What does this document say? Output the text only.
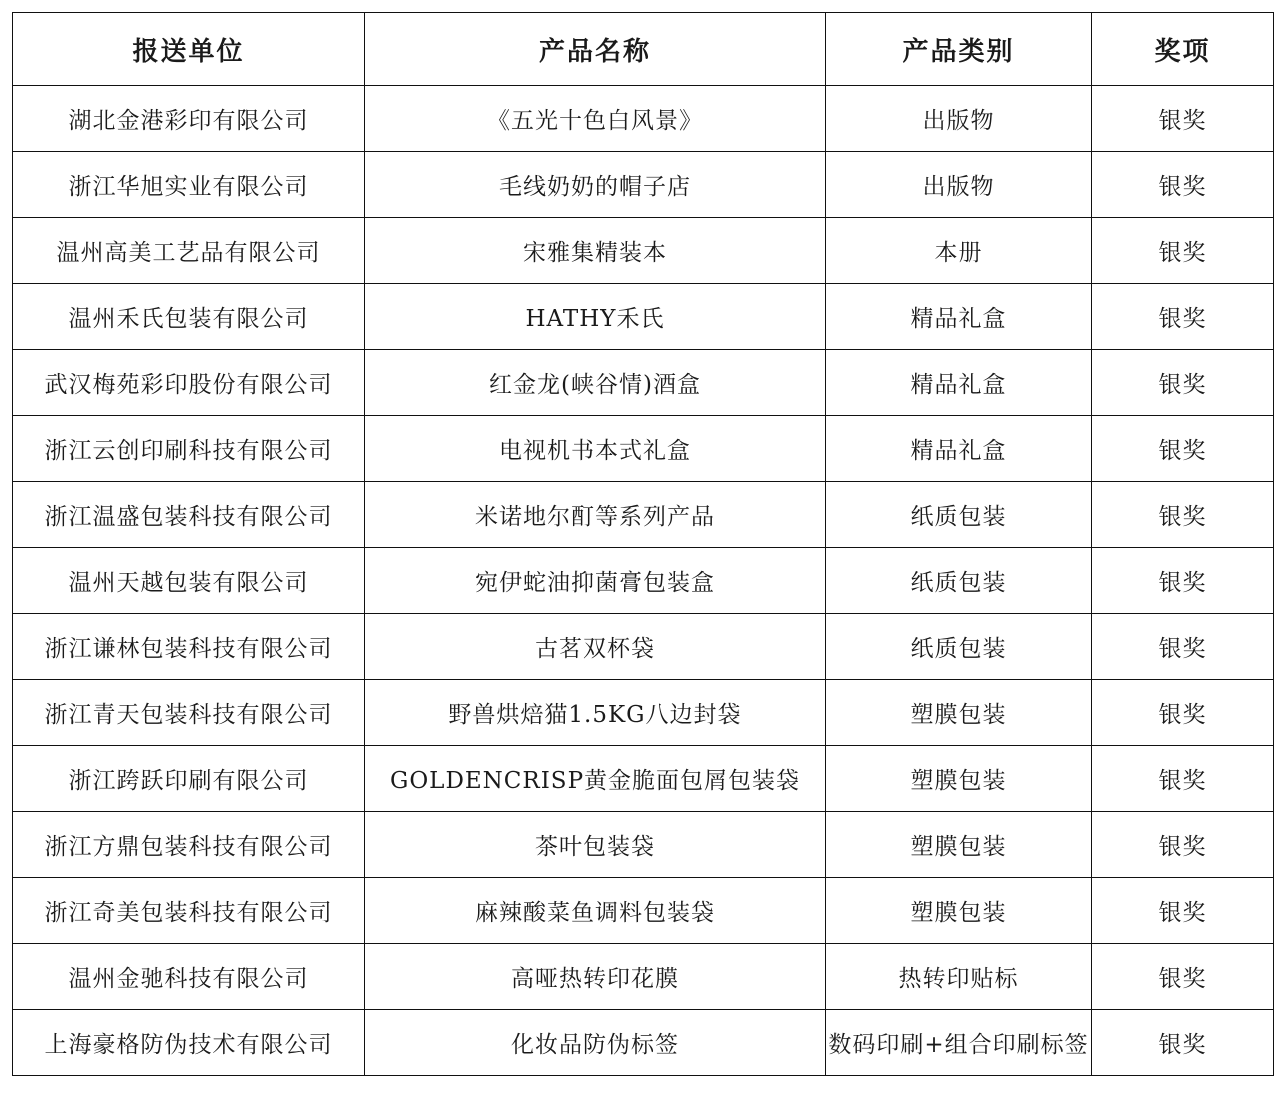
报送单位	产品名称	产品类别	奖项
湖北金港彩印有限公司	《五光十色白风景》	出版物	银奖
浙江华旭实业有限公司	毛线奶奶的帽子店	出版物	银奖
温州高美工艺品有限公司	宋雅集精装本	本册	银奖
温州禾氏包装有限公司	HATHY禾氏	精品礼盒	银奖
武汉梅苑彩印股份有限公司	红金龙(峡谷情)酒盒	精品礼盒	银奖
浙江云创印刷科技有限公司	电视机书本式礼盒	精品礼盒	银奖
浙江温盛包装科技有限公司	米诺地尔酊等系列产品	纸质包装	银奖
温州天越包装有限公司	宛伊蛇油抑菌膏包装盒	纸质包装	银奖
浙江谦林包装科技有限公司	古茗双杯袋	纸质包装	银奖
浙江青天包装科技有限公司	野兽烘焙猫1.5KG八边封袋	塑膜包装	银奖
浙江跨跃印刷有限公司	GOLDENCRISP黄金脆面包屑包装袋	塑膜包装	银奖
浙江方鼎包装科技有限公司	茶叶包装袋	塑膜包装	银奖
浙江奇美包装科技有限公司	麻辣酸菜鱼调料包装袋	塑膜包装	银奖
温州金驰科技有限公司	高哑热转印花膜	热转印贴标	银奖
上海豪格防伪技术有限公司	化妆品防伪标签	数码印刷+组合印刷标签	银奖
